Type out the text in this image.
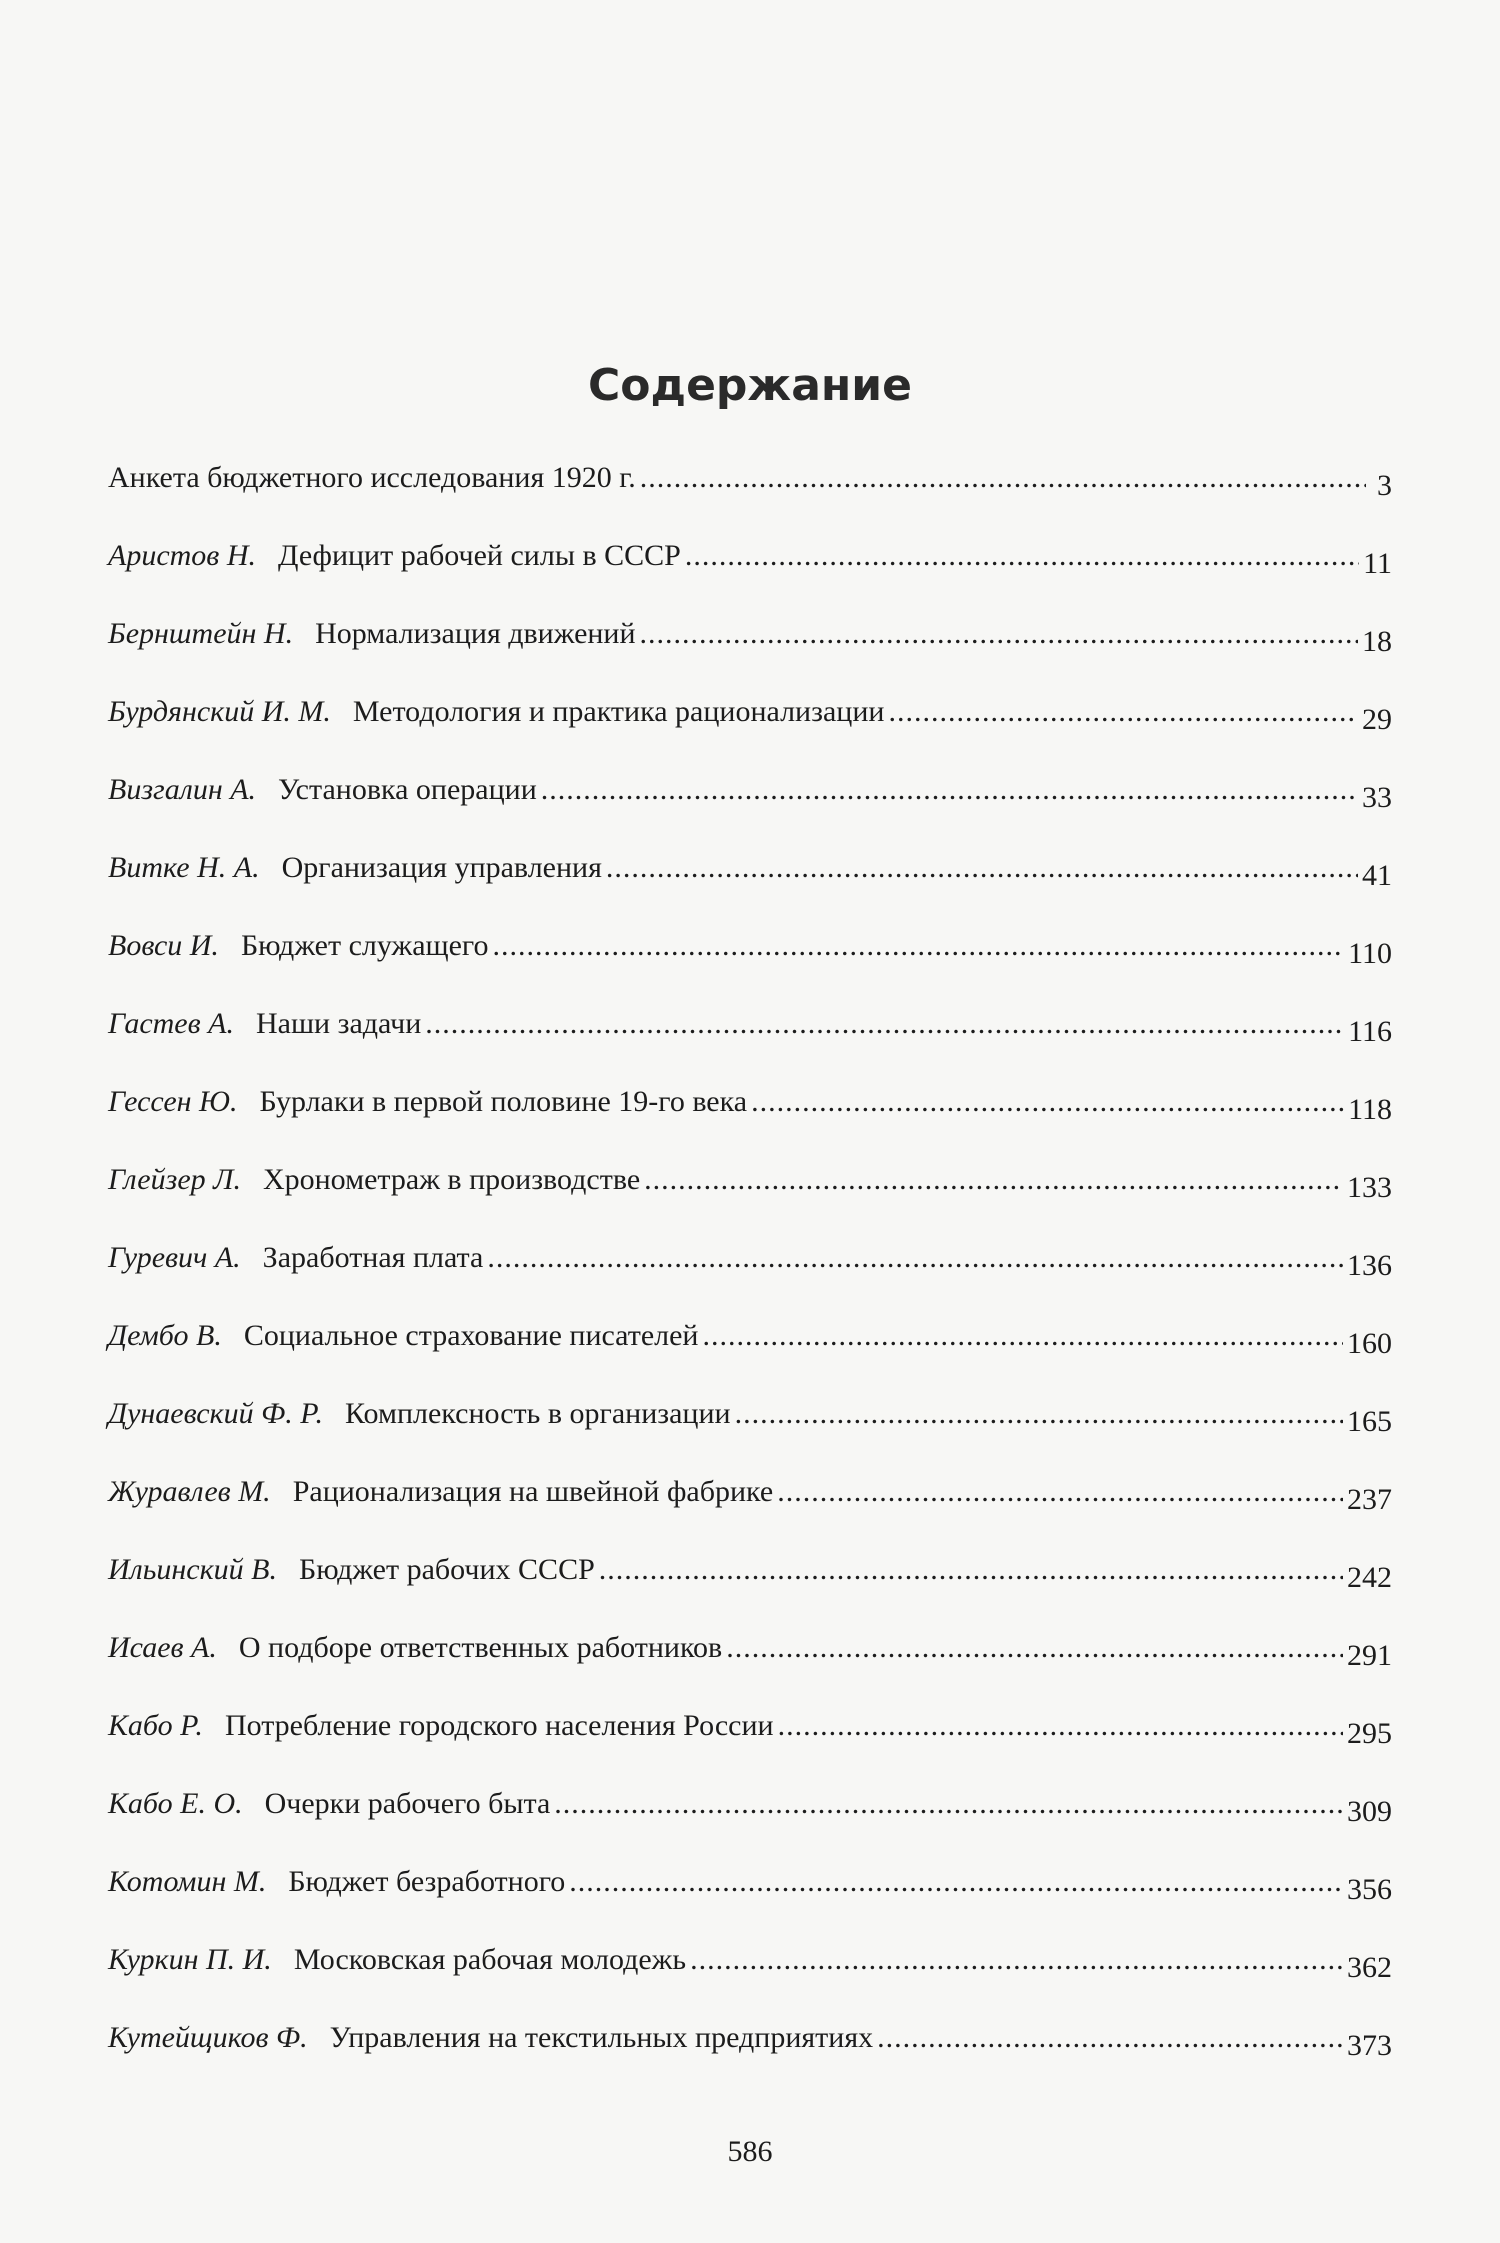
Содержание
Анкета бюджетного исследования 1920 г. .....	3
Аристов Н. Дефицит рабочей силы в СССР .....	11
Бернштейн Н. Нормализация движений .....	18
Бурдянский И. М. Методология и практика рационализации .....	29
Визгалин А. Установка операции .....	33
Витке Н. А. Организация управления .....	41
Вовси И. Бюджет служащего .....	110
Гастев А. Наши задачи .....	116
Гессен Ю. Бурлаки в первой половине 19-го века .....	118
Глейзер Л. Хронометраж в производстве .....	133
Гуревич А. Заработная плата .....	136
Дембо В. Социальное страхование писателей .....	160
Дунаевский Ф. Р. Комплексность в организации .....	165
Журавлев М. Рационализация на швейной фабрике .....	237
Ильинский В. Бюджет рабочих СССР .....	242
Исаев А. О подборе ответственных работников .....	291
Кабо Р. Потребление городского населения России .....	295
Кабо Е. О. Очерки рабочего быта .....	309
Котомин М. Бюджет безработного .....	356
Куркин П. И. Московская рабочая молодежь .....	362
Кутейщиков Ф. Управления на текстильных предприятиях .....	373
586
